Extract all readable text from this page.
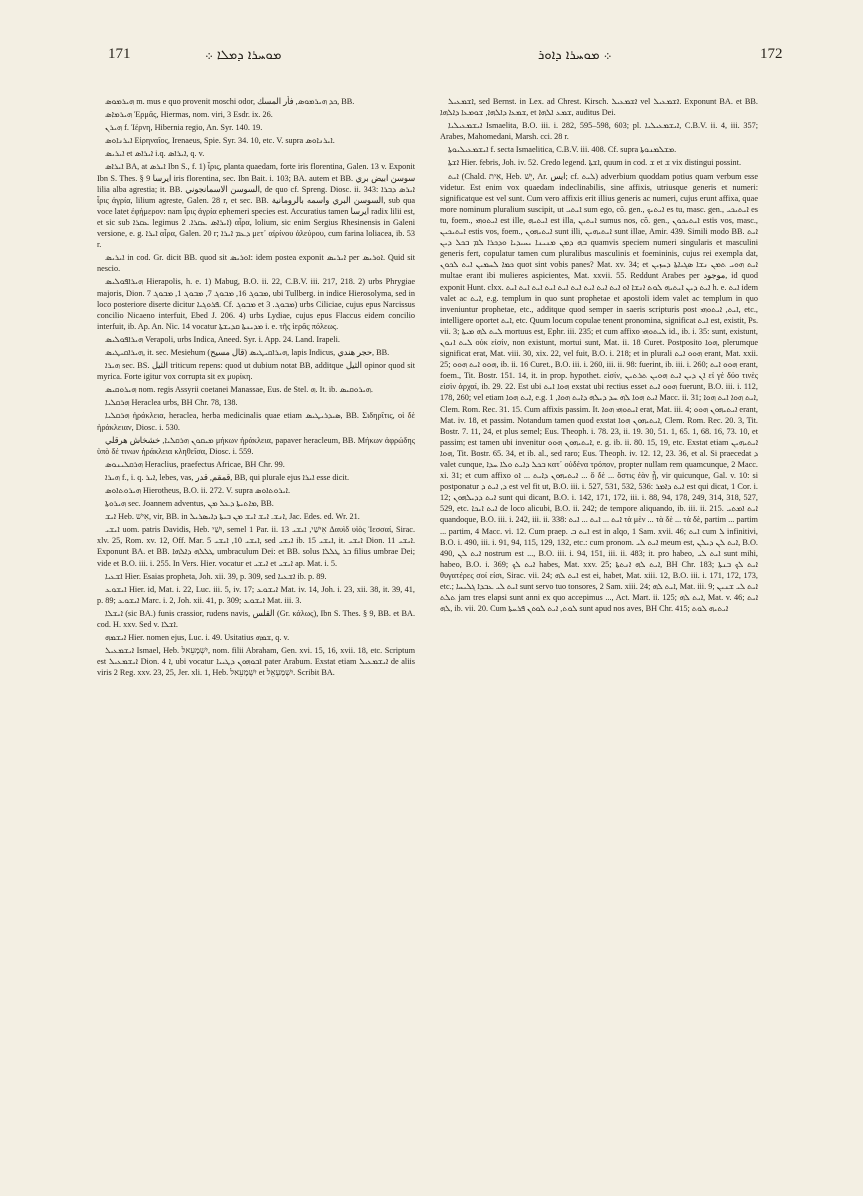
171	ܡܘܚܪܐ ܕܡܠܐ ܀	܀ ܡܘܚܪܐ ܕܐܘܪ	172

ܗܝܪܡܘܣ m. mus e quo provenit moschi odor, ܟܕ ܗܝܪܡܘܣ, فأر المسك, BB.

ܗܝܪܡܐܣ Ἑρμᾶς, Hiermas, nom. viri, 3 Esdr. ix. 26.

ܗܝܪܢ f. Ἱέρνη, Hibernia regio, An. Syr. 140. 19.

ܐܝܪܢܐܘܣ Εἰρηναῖος, Irenaeus, Spie. Syr. 34. 10, etc. V. supra ܐܝܪܢܐܘܣ.

ܐܝܪܝܣ et ܐܝܪܐܣ i.q. ܐܝܪܐܣ, q. v.

ܐܝܪܐܣ BA, at ܐܝܪܣ Ibn S., f. 1) ἶρις, planta quaedam, forte iris florentina, Galen. 13 v. Exponit Ibn S. Thes. § 9 ايرسا iris florentina, sec. Ibn Bait. i. 103; BA. autem et BB. سوسن ابيض بري lilia alba agrestia; it. BB. السوسن الاسمانجوني, de quo cf. Spreng. Diosc. ii. 343: ܐܝܪܣ ܕܒܪܐ ἶρις ἀγρία, lilium agreste, Galen. 28 r, et sec. BB. السوسن البري واسمه بالرومانية, sub qua voce latet ἐφήμερον: nam ἶρις ἀγρία ephemeri species est. Accuratius tamen ايرسا radix lilii est, et sic sub ܥܩܪܐ legimus ܐܝܪܐܣ ܥܩܪܐ. 2) αἶρα, lolium, sic enim Sergius Rhesinensis in Galeni versione, e. g. ܐܝܪܐ αἶρα, Galen. 20 r; ܕܥܡ ܐܝܪܐ μετ᾽ αἰρίνου ἀλεύρου, cum farina loliacea, ib. 53 r.

ܐܝܪܝܣ in cod. Gr. dicit BB. quod sit ܐܘܪܝܣ: idem postea exponit ܐܝܪܝܣ per ܐܘܪܝܣ. Quid sit nescio.

ܗܝܪܐܦܘܠܝܣ Hierapolis, h. e. 1) Mabug, B.O. ii. 22, C.B.V. iii. 217, 218. 2) urbs Phrygiae majoris, Dion. ܡܒܘܓ 16, ܡܒܘܓ 7, ܡܒܘܓ 1, ܡܒܘܓ 7, ubi Tullberg. in indice Hierosolyma, sed in loco posteriore diserte dicitur ܦܪܘܓܝܐ. Cf. ܡܒܘܓ et ܡܒܘܓ. 3) urbs Ciliciae, cujus epus Narcissus concilio Nicaeno interfuit, Ebed J. 206. 4) urbs Lydiae, cujus epus Flaccus eidem concilio interfuit, ib. Ap. An. Nic. 14 vocatur ܡܕܝܢܬܐ ܩܕܝܫܬܐ i. e. τῆς ἱερᾶς πόλεως.

ܗܝܪܐܦܘܠܝܣ Verapoli, urbs Indica, Aneed. Syr. i. App. 24. Land. Irapeli.

ܗܝܪܐܩܝܛܝܣ, it. sec. Mesiehum (قال مسيح) ܗܝܪܐܩܝܛܝܣ, lapis Indicus, حجر هندي, BB.

ܗܝܪܐ sec. BS. الثيل triticum repens: quod ut dubium notat BB, additque الثيل opinor quod sit myrica. Forte igitur vox corrupta sit ex μυρίκη.

ܗܝܪܘܩܝܣ nom. regis Assyrii coetanei Manassae, Eus. de Stel. ܗ. It. ib. ܗܝܪܘܩܝܣ.

ܗܪܩܠܝܐ Heraclea urbs, BH Chr. 78, 138.

ܗܪܩܠܝܐ ἡράκλεια, heraclea, herba medicinalis quae etiam ܣܝܕܪܝܛܝܣ, BB. Σιδηρῖτις, οἱ δὲ ἡράκλειαν, Diosc. i. 530.

ܡܝܩܘܢ ܗܪܩܠܝܐ, خشخاش هرقلي μήκων ἡράκλεια, papaver heracleum, BB. Μήκων ἀφρώδης ὑπὸ δέ τινων ἡράκλεια κληθεῖσα, Diosc. i. 559.

ܗܪܩܠܝܢܘܣ Heraclius, praefectus Africae, BH Chr. 99.

ܗܝܪܐ f., i. q. ܐܝܪ, lebes, vas, قمقم, قدر, BB, qui plurale ejus ܐܝܪܐ esse dicit.

ܗܝܪܘܬܐܘܣ Hierotheus, B.O. ii. 272. V. supra ܐܝܪܘܬܐܘܣ.

ܗܝܪܘܬܐ sec. Joannem adventus, ܡܐܬܝܬܐ ܕܥܠ ܡܢ, BB.

ܐܝܫ Heb. אִישׁ, vir, BB. in ܐܢܫ. ܐܝܫ ܐܝܫ ܡܢ ܒܝܬܐ ܕܐܝܣܪܝܠ, Jac. Edes. ed. Wr. 21.

ܐܝܫܝ uom. patris Davidis, Heb. יִשַׁי, semel 1 Par. ii. 13 אִישַׁי, ܐܝܫܝ Δαυὶδ υἱὸς Ἰεσσαί, Sirac. xlv. 25, Rom. xv. 12, Off. Mar. ܐܝܫܝ 10, ܐܝܫܝ 5, sed ܐܝܫܝ ib. ܐܝܫܝ 15, it. ܐܝܫܝ Dion. ܐܝܫܝ 11. Exponunt BA. et BB. ܛܠܠܗ ܕܐܠܗܐ umbraculum Dei: et BB. solus ܒܪ ܛܠܠܐ filius umbrae Dei; vide et B.O. iii. i. 255. In Vers. Hier. vocatur et ܐܝܫܝ et ܐܝܫܝ ap. Mat. i. 5.

ܐܫܥܝܐ Hier. Esaias propheta, Joh. xii. 39, p. 309, sed ܐܫܥܝܐ ib. p. 89.

ܐܝܫܘܥ Hier. id, Mat. i. 22, Luc. iii. 5, iv. 17; ܐܝܫܘܥ Mat. iv. 14, Joh. i. 23, xii. 38, it. 39, 41, p. 89; ܐܝܫܘܥ Marc. i. 2, Joh. xii. 41, p. 309; ܐܝܫܘܥ Mat. iii. 3.

ܐܝܫܠܐ (sic BA.) funis crassior, rudens navis, القلس (Gr. κάλως), Ibn S. Thes. § 9, BB. et BA. cod. H. xxv. Sed v. ܐܫܠܐ.

ܐܝܫܡܗ Hier. nomen ejus, Luc. i. 49. Usitatius ܫܡܗ, q. v.

ܐܝܫܡܥܝܠ Ismael, Heb. יִשְׁמָעֵאל, nom. filii Abraham, Gen. xvi. 15, 16, xvii. 18, etc. Scriptum est ܐܝܫܡܥܝܠ Dion. ܐ 4, ubi vocatur ܐܒܘܗܘܢ ܕܛܝܝܐ pater Arabum. Exstat etiam ܐܝܫܡܥܝܠ de aliis viris 2 Reg. xxv. 23, 25, Jer. xli. 1, Heb. יִשְׁמָעֵאל et יִשְׁמַעְאֵל. Scribit BA.

ܐܫܡܥܝܠ, sed Bernst. in Lex. ad Chrest. Kirsch. ܐܫܡܥܝܠ vel ܐܫܡܥܝܠ. Exponunt BA. et BB. ܫܡܥܐ ܕܐܠܗܐ, ܫܘܡܥܐ ܕܐܠܗܐ, et ܫܡܥ ܐܠܗܐ, auditus Dei.

ܐܝܫܡܥܝܠܝܐ Ismaelita, B.O. iii. i. 282, 595–598, 603; pl. ܐܝܫܡܥܝܠܝܐ, C.B.V. ii. 4, iii. 357; Arabes, Mahomedani, Marsh. cci. 28 r.

ܐܝܫܡܥܝܠܝܘܬܐ f. secta Ismaelitica, C.B.V. iii. 408. Cf. supra ܡܫܠܡܢܘܬܐ.

ܐܫܬܐ Hier. febris, Joh. iv. 52. Credo legend. ܐܫܬܐ, quum in cod. ܫ et ܫ vix distingui possint.

ܐܝܬ (Chald. אִית, Heb. יֵשׁ, Ar. ايس; cf. ܠܝܬ) adverbium quoddam potius quam verbum esse videtur. Est enim vox quaedam indeclinabilis, sine affixis, utriusque generis et numeri: significatque est vel sunt. Cum vero affixis erit illius generis ac numeri, cujus erunt affixa, quae more nominum pluralium suscipit, ut ܐܝܬܝ sum ego, cõ. gen., ܐܝܬܝܟ es tu, masc. gen., ܐܝܬܝܟܝ es tu, foem., ܐܝܬܘܗܝ est ille, ܐܝܬܝܗ est illa, ܐܝܬܝܢ sumus nos, cõ. gen., ܐܝܬܝܟܘܢ estis vos, masc., ܐܝܬܝܟܝܢ estis vos, foem., ܐܝܬܝܗܘܢ sunt illi, ܐܝܬܝܗܝܢ sunt illae, Amir. 439. Simili modo BB. ܐܝܬ ܒܗ ܕܡܢ ܡܢܝܢܐ ܝܚܝܕܝܐ ܘܕܟܪܐ ܠܡ ܒܟܠ ܕܝܢ quamvis speciem numeri singularis et masculini generis fert, copulatur tamen cum pluralibus masculinis et foemininis, cujus rei exempla dat, ܟܡܐ ܠܚܡܝܢ ܐܝܬ ܠܟܘܢ quot sint vobis panes? Mat. xv. 34; et ܐܝܬ ܗܘܝ ܬܡܢ ܢܫܐ ܣܓܝܐܬܐ ܕܚܙܝܢ multae erant ibi mulieres aspicientes, Mat. xxvii. 55. Reddunt Arabes per موجود, id quod exponit Hunt. clxx. ܐܝܬ ܕܝܢ ܐܝܬܝܗ ܠܘܬ ܐܢܫܐ ܐܘ ܐܝܬ ܐܝܬ ܐܝܬ ܐܝܬ ܐܝܬ ܐܝܬ ܐܝܬ ܐܝܬ ܐܝܬ h. e. ܐܝܬ idem valet ac ܐܝܬ, e.g. templum in quo sunt prophetae et apostoli idem valet ac templum in quo inveniuntur prophetae, etc., additque quod semper in saeris scripturis post ܐܝܬ, ܐܝܬܘܗܝ, etc., intelligere oportet ܐܝܬ, etc. Quum locum copulae tenent pronomina, significat ܐܝܬ est, existit, Ps. vii. 3; ܠܝܬ ܠܗ ܡܝܬܐ mortuus est, Ephr. iii. 235; et cum affixo ܠܝܬܘܗܝ id., ib. i. 35: sunt, existunt, ܠܝܬ ܐܢܘܢ οὐκ εἰσίν, non existunt, mortui sunt, Mat. ii. 18 Curet. Postposito ܗܘܐ, plerumque significat erat, Mat. viii. 30, xix. 22, vel fuit, B.O. i. 218; et in plurali ܗܘܘ ܐܝܬ erant, Mat. xxii. 25; ܗܘܘ ܐܝܬ ܗܘܘ, ib. ii. 16 Curet., B.O. iii. i. 260, iii. ii. 98: fuerint, ib. iii. i. 260; ܗܘܘ ܐܝܬ erant, foem., Tit. Bostr. 151. 14, it. in prop. hypothet. εἰσίν, ܐܢ ܕܝܢ ܐܝܬ ܗܘܝܢ ܬܪܬܝܢ εἰ γὲ δύο τινὲς εἰσὶν ἀρχαί, ib. 29. 22. Est ubi ܗܘܐ ܐܝܬ exstat ubi rectius esset ܗܘܘ ܐܝܬ fuerunt, B.O. iii. i. 112, 178, 260; vel etiam ܐܝܬ ܗܘܐ, e.g. ܐܝܬ ܗܘܐ ܠܗ ܚܕ ܕܝܠܗ ܕܐܝܬ ܗܘܐ, 1 Macc. ii. 31; ܐܝܬ ܗܘܐ ܐܝܬ ܗܘܐ, Clem. Rom. Rec. 31. 15. Cum affixis passim. It. ܐܝܬܘܗܝ ܗܘܐ erat, Mat. iii. 4; ܐܝܬܝܗܘܢ ܗܘܘ erant, Mat. iv. 18, et passim. Notandum tamen quod exstat ܐܝܬܝܗܘܢ ܗܘܐ, Clem. Rom. Rec. 20. 3, Tit. Bostr. 7. 11, 24, et plus semel; Eus. Theoph. i. 78. 23, ii. 19. 30, 51. 1, 65. 1, 68. 16, 73. 10, et passim; est tamen ubi invenitur ܐܝܬܝܗܘܢ ܗܘܘ, e. g. ib. ii. 80. 15, 19, etc. Exstat etiam ܐܝܬܝܗܝܢ ܗܘܐ, Tit. Bostr. 65. 34, et ib. al., sed raro; Eus. Theoph. iv. 12. 12, 23. 36, et al. Si praecedat ܕ valet cunque, ܒܟܠ ܕܐܝܬ ܘܠܐ ܚܕܐ κατ᾽ οὐδένα τρόπον, propter nullam rem quamcunque, 2 Macc. xi. 31; et cum affixo ܐܝܬܝܗܘܢ ܕܐܝܬ ... ܐܘ ... ὅ δὲ ... ὅστις ἐὰν ᾖ, vir quicunque, Gal. v. 10: si postponatur ܕ, ܐܝܬ ܕ est vel fit ut, B.O. iii. i. 527, 531, 532, 536: ܐܝܬ ܕܐܡܪ est qui dicat, 1 Cor. i. 12; ܐܝܬ ܕܕܝܠܗܘܢ sunt qui dicant, B.O. i. 142, 171, 172, iii. i. 88, 94, 178, 249, 314, 318, 527, 529, etc. ܐܝܬ ܐܝܟܐ de loco alicubi, B.O. ii. 242; de tempore aliquando, ib. iii. ii. 215. ܐܝܬ ܐܡܬܝ quandoque, B.O. iii. i. 242, iii. ii. 338: ܐܝܬ ... ܐܝܬ ... ܐܝܬ τὰ μὲν ... τὰ δὲ ... τὰ δὲ, partim ... partim ... partim, 4 Macc. vi. 12. Cum praep. ܐܝܬ ܒ est in alqo, 1 Sam. xvii. 46; ܐܝܬ cum ܠ infinitivi, B.O. i. 490, iii. i. 91, 94, 115, 129, 132, etc.: cum pronom. ܐܝܬ ܠܝ meum est, ܐܝܬ ܠܢ ܕܝܠܢ, B.O. 490, ܐܝܬ ܠܢ nostrum est ..., B.O. iii. i. 94, 151, iii. ii. 483; it. pro habeo, ܐܝܬ ܠܝ sunt mihi, habeo, B.O. i. 369; ܐܝܬ ܠܟ habes, Mat. xxv. 25; ܐܝܬ ܠܗ ܐܢܬܬܐ, BH Chr. 183; ܐܝܬ ܠܟ ܒܢܬܐ θυγατέρες σοί εἰσι, Sirac. vii. 24; ܐܝܬ ܠܗ est ei, habet, Mat. xiii. 12, B.O. iii. i. 171, 172, 173, etc.; ܐܝܬ ܠܝ ܥܒܕܐ ܓܠܝܚܐ sunt servo tuo tonsores, 2 Sam. xiii. 24; ܐܝܬ ܠܗ, Mat. iii. 9; ܐܝܬ ܠܝ ܫܢܝܢ ܬܠܬ jam tres elapsi sunt anni ex quo accepimus ..., Act. Mart. ii. 125; ܐܝܬ ܠܗ, Mat. v. 46; ܐܝܬ ܠܗ, ib. vii. 20. Cum ܠܘܬ, ܐܝܬ ܠܘܬܢ ܦܪܚܬܐ sunt apud nos aves, BH Chr. 415; ܐܝܬܝܗ ܠܘܬ
